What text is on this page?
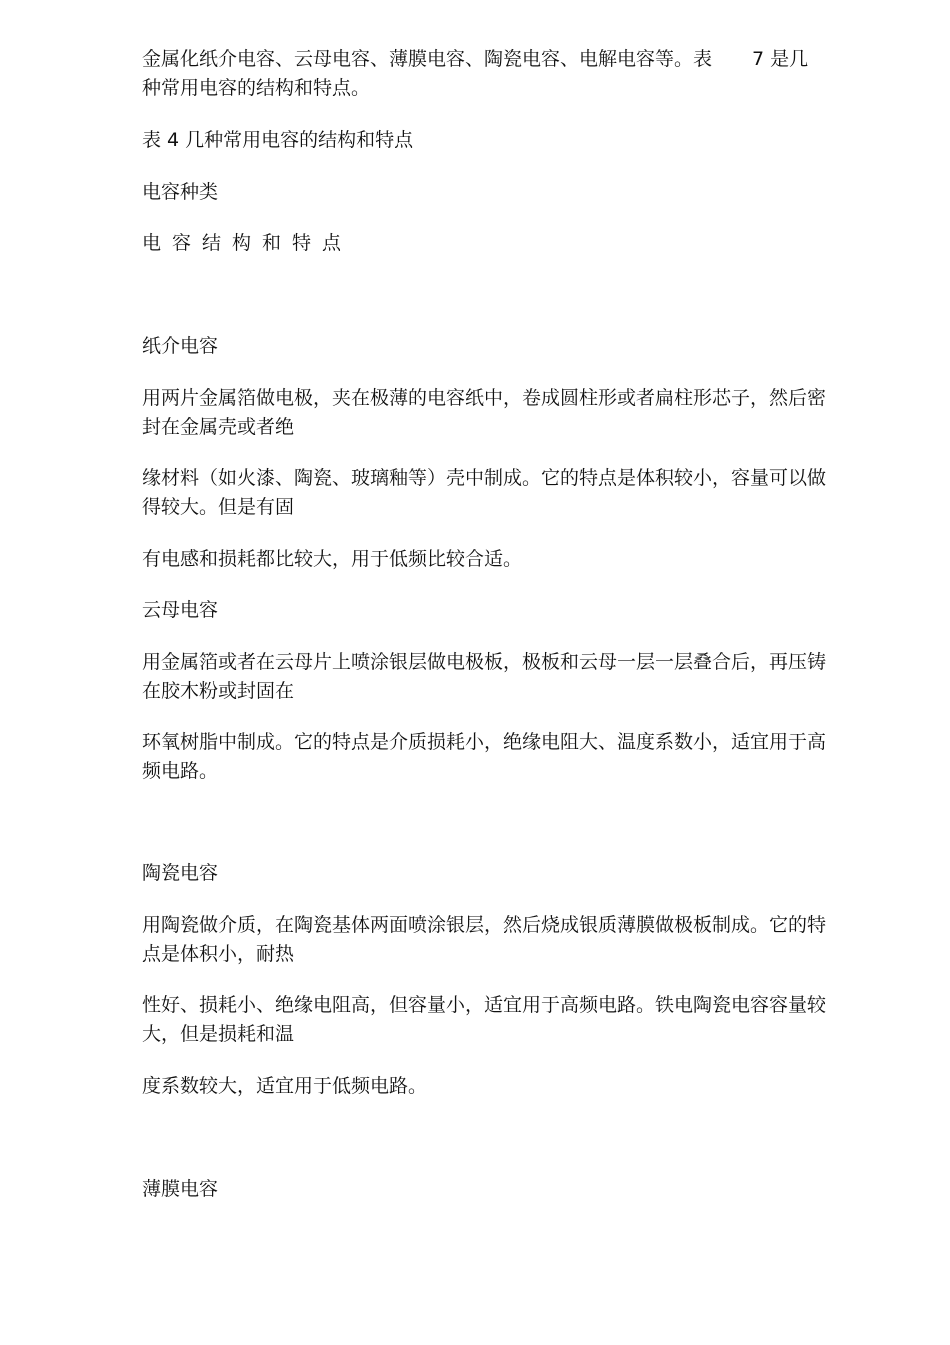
金属化纸介电容、云母电容、薄膜电容、陶瓷电容、电解电容等。表 7 是几
种常用电容的结构和特点。

表 4 几种常用电容的结构和特点

电容种类

电容结构和特点

纸介电容

用两片金属箔做电极，夹在极薄的电容纸中，卷成圆柱形或者扁柱形芯子，然后密封在金属壳或者绝

缘材料（如火漆、陶瓷、玻璃釉等）壳中制成。它的特点是体积较小，容量可以做得较大。但是有固

有电感和损耗都比较大，用于低频比较合适。

云母电容

用金属箔或者在云母片上喷涂银层做电极板，极板和云母一层一层叠合后，再压铸在胶木粉或封固在

环氧树脂中制成。它的特点是介质损耗小，绝缘电阻大、温度系数小，适宜用于高频电路。

陶瓷电容

用陶瓷做介质，在陶瓷基体两面喷涂银层，然后烧成银质薄膜做极板制成。它的特点是体积小，耐热

性好、损耗小、绝缘电阻高，但容量小，适宜用于高频电路。铁电陶瓷电容容量较大，但是损耗和温

度系数较大，适宜用于低频电路。

薄膜电容
